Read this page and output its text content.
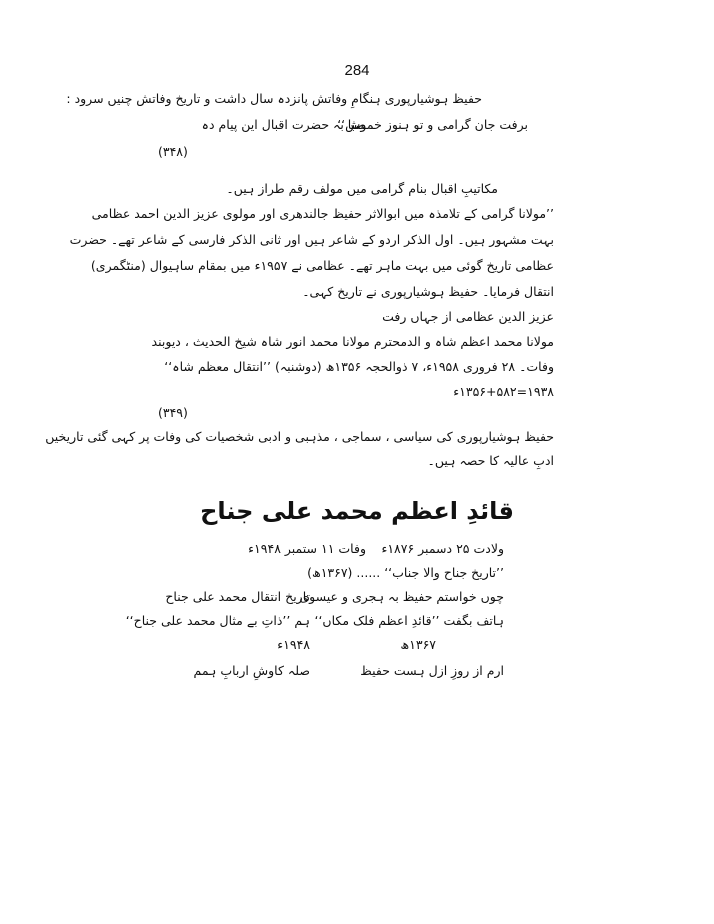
284
حفیظ ہوشیارپوری ہنگامِ وفاتش پانزدہ سال داشت و تاریخ وفاتش چنیں سرود :
صبا بہ حضرت اقبال این پیام دہ
برفت جان گرامی و تو ہنوز خموش‘‘
(۳۴۸)
مکاتیبِ اقبال بنام گرامی میں مولف رقم طراز ہیں۔
’’مولانا گرامی کے تلامذہ میں ابوالاثر حفیظ جالندھری اور مولوی عزیز الدین احمد عظامی
بہت مشہور ہیں۔ اول الذکر اردو کے شاعر ہیں اور ثانی الذکر فارسی کے شاعر تھے۔ حضرت
عظامی تاریخ گوئی میں بہت ماہر تھے۔ عظامی نے ۱۹۵۷ء میں بمقام ساہیوال (منٹگمری)
انتقال فرمایا۔ حفیظ ہوشیارپوری نے تاریخ کہی۔
عزیز الدین عظامی از جہاں رفت
مولانا محمد اعظم شاہ و الدمحترم مولانا محمد انور شاہ شیخ الحدیث ، دیوبند
وفات۔ ۲۸ فروری ۱۹۵۸ء، ۷ ذوالحجہ ۱۳۵۶ھ (دوشنبہ) ’’انتقال معظم شاہ‘‘
۱۹۳۸=۱۳۵۶+۵۸۲ء
(۳۴۹)
حفیظ ہوشیارپوری کی سیاسی ، سماجی ، مذہبی و ادبی شخصیات کی وفات پر کہی گئی تاریخیں
ادبِ عالیہ کا حصہ ہیں۔
قائدِ اعظم محمد علی جناح
ولادت ۲۵ دسمبر ۱۸۷۶ء
وفات ۱۱ ستمبر ۱۹۴۸ء
’’تاریخ جناح والا جناب‘‘ ...... (۱۳۶۷ھ)
چوں خواستم حفیظ بہ ہجری و عیسوی
تاریخ انتقال محمد علی جناح
ہاتف بگفت ’’قائدِ اعظم فلک مکاں‘‘
ہم ’’ذاتِ بے مثال محمد علی جناح‘‘
۱۳۶۷ھ
۱۹۴۸ء
ارم از روزِ ازل ہست حفیظ
صلہ کاوشِ اربابِ ہمم
